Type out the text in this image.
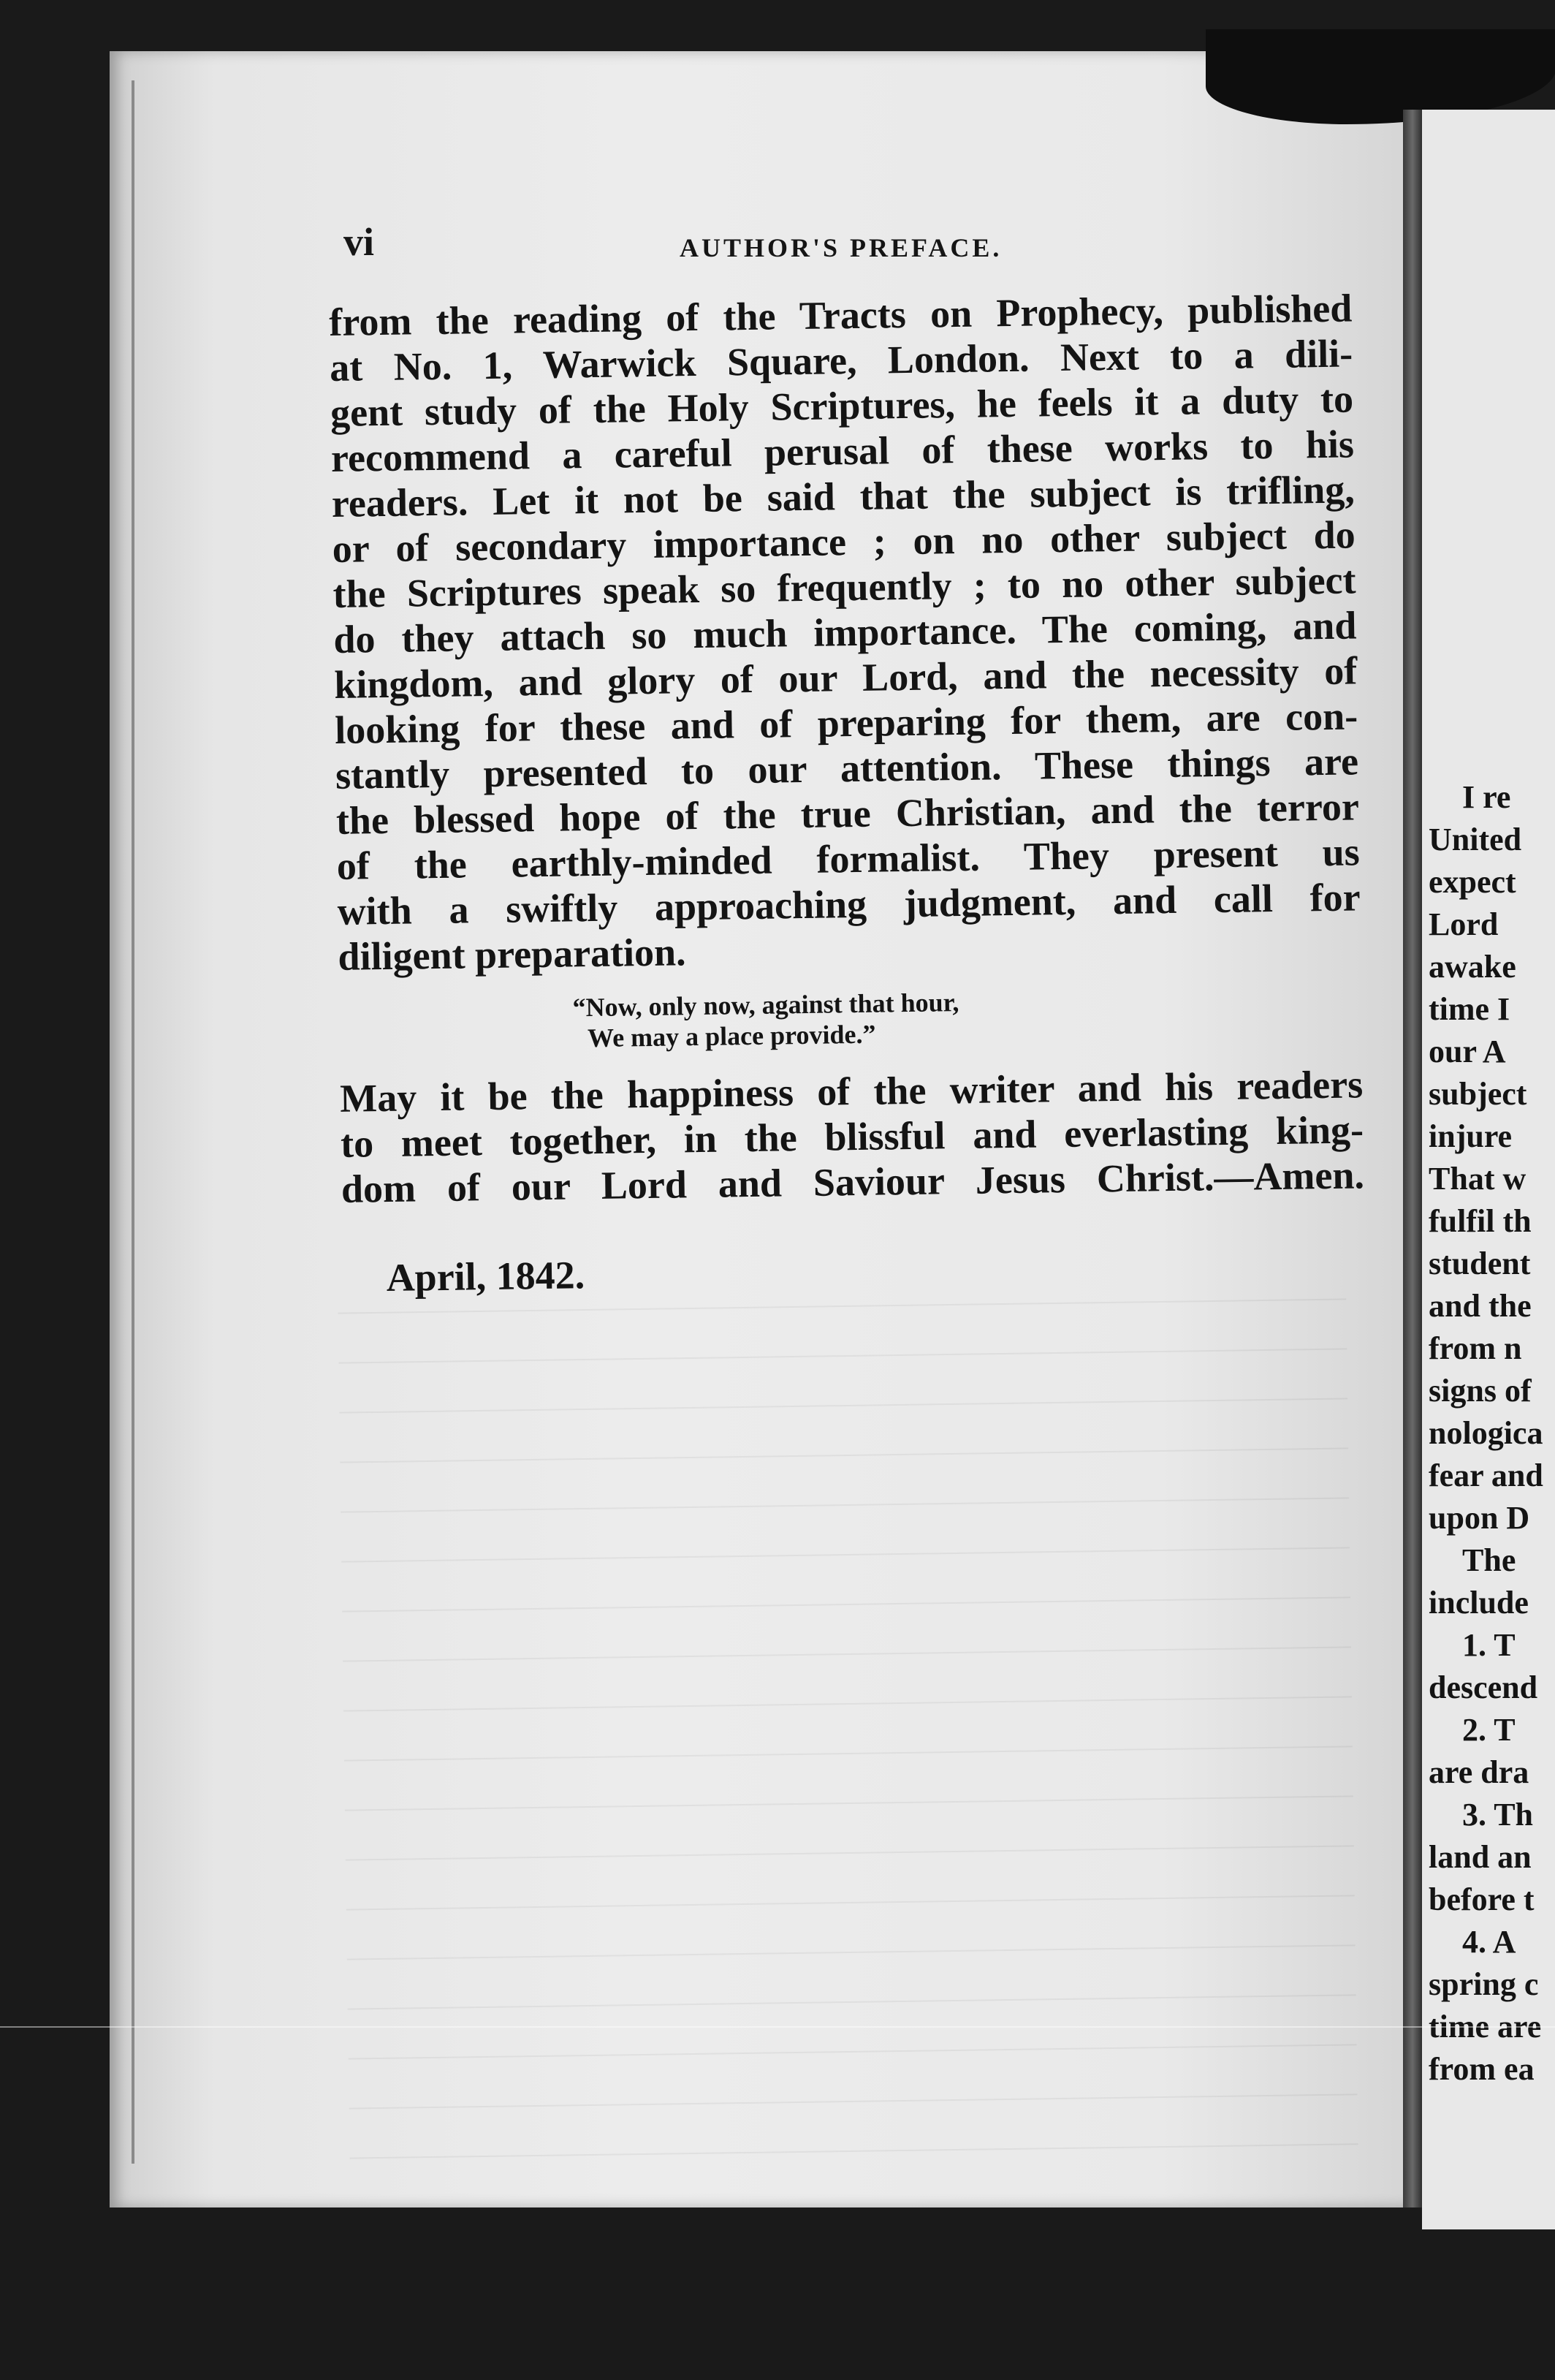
vi	AUTHOR'S PREFACE.
from the reading of the Tracts on Prophecy, published
at No. 1, Warwick Square, London. Next to a dili-
gent study of the Holy Scriptures, he feels it a duty to
recommend a careful perusal of these works to his
readers. Let it not be said that the subject is trifling,
or of secondary importance ; on no other subject do
the Scriptures speak so frequently ; to no other subject
do they attach so much importance. The coming, and
kingdom, and glory of our Lord, and the necessity of
looking for these and of preparing for them, are con-
stantly presented to our attention. These things are
the blessed hope of the true Christian, and the terror
of the earthly-minded formalist. They present us
with a swiftly approaching judgment, and call for
diligent preparation.
“Now, only now, against that hour,
We may a place provide.”
May it be the happiness of the writer and his readers
to meet together, in the blissful and everlasting king-
dom of our Lord and Saviour Jesus Christ.—Amen.
April, 1842.
I re
United
expect
Lord
awake
time I
our A
subject
injure
That w
fulfil th
student
and the
from n
signs of
nologica
fear and
upon D
The
include
1. T
descend
2. T
are dra
3. Th
land an
before t
4. A
spring c
time are
from ea
